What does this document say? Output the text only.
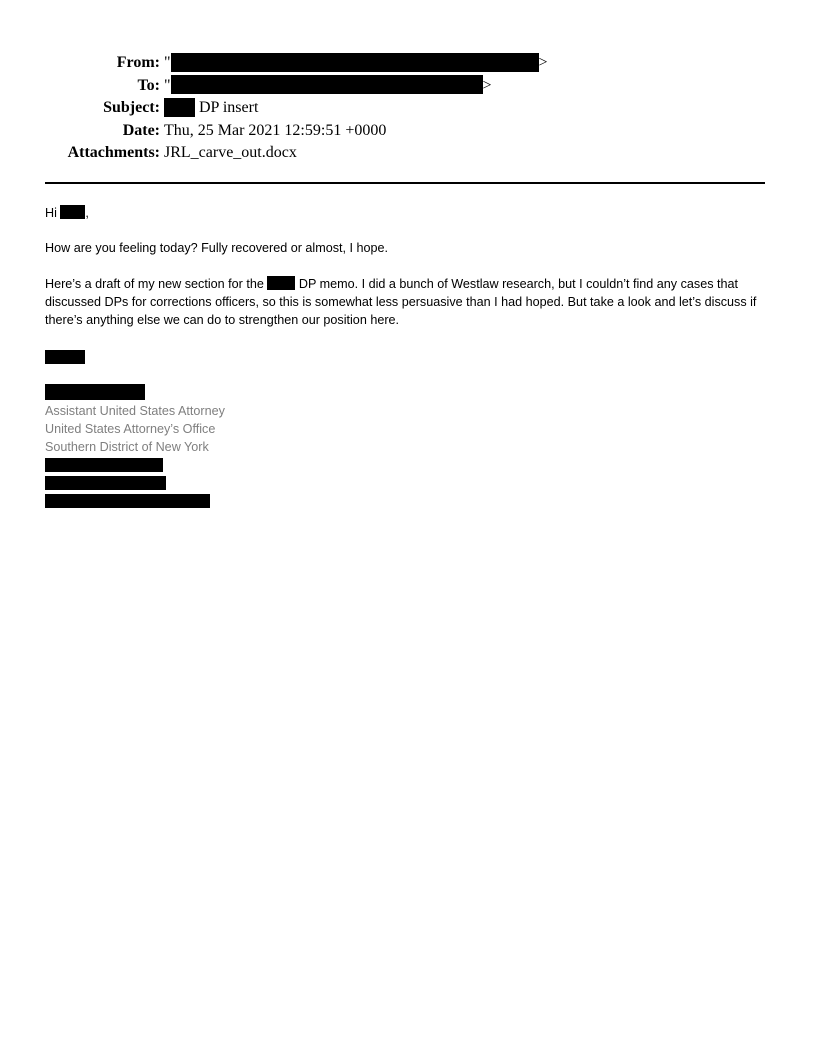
From: "	>
To: "	>
Subject:	DP insert
Date: Thu, 25 Mar 2021 12:59:51 +0000
Attachments: JRL_carve_out.docx

Hi ,

How are you feeling today? Fully recovered or almost, I hope.

Here’s a draft of my new section for the	DP memo. I did a bunch of Westlaw research, but I couldn’t find any cases that discussed DPs for corrections officers, so this is somewhat less persuasive than I had hoped. But take a look and let’s discuss if there’s anything else we can do to strengthen our position here.

Assistant United States Attorney
United States Attorney’s Office
Southern District of New York
